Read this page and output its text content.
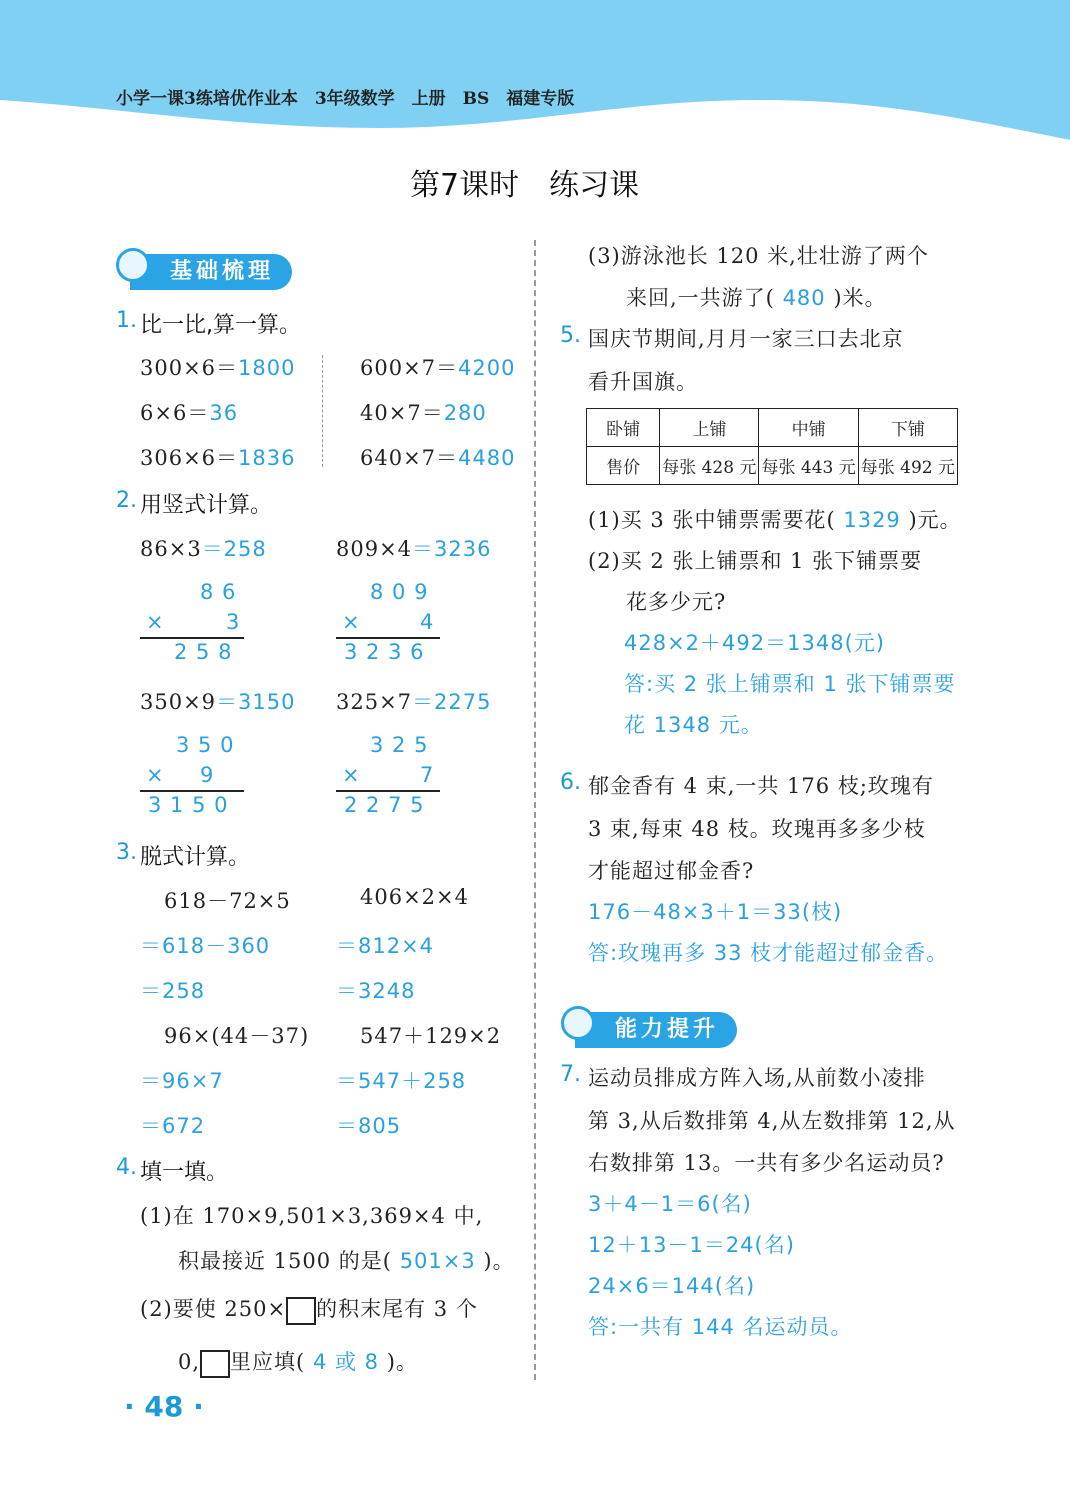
小学一课3练培优作业本　3年级数学　上册　BS　福建专版
第7课时　练习课
基础梳理
1. 比一比,算一算。
300×6＝1800	600×7＝4200
6×6＝36	40×7＝280
306×6＝1836	640×7＝4480
2. 用竖式计算。
86×3＝258
8 6
×	3
2 5 8
809×4＝3236
8 0 9
×	4
3 2 3 6
350×9＝3150
3 5 0
× 9
3 1 5 0
325×7＝2275
3 2 5
×	7
2 2 7 5
3. 脱式计算。
618－72×5
＝618－360
＝258
406×2×4
＝812×4
＝3248
96×(44－37)
＝96×7
＝672
547＋129×2
＝547＋258
＝805
4. 填一填。
(1)在 170×9,501×3,369×4 中,
积最接近 1500 的是( 501×3 )。
(2)要使 250× 的积末尾有 3 个
0, 里应填( 4 或 8 )。
(3)游泳池长 120 米,壮壮游了两个
来回,一共游了( 480 )米。
5. 国庆节期间,月月一家三口去北京
看升国旗。
卧铺	上铺	中铺	下铺
售价	每张 428 元	每张 443 元	每张 492 元
(1)买 3 张中铺票需要花( 1329 )元。
(2)买 2 张上铺票和 1 张下铺票要
花多少元?
428×2＋492＝1348(元)
答:买 2 张上铺票和 1 张下铺票要
花 1348 元。
6. 郁金香有 4 束,一共 176 枝;玫瑰有
3 束,每束 48 枝。玫瑰再多多少枝
才能超过郁金香?
176－48×3＋1＝33(枝)
答:玫瑰再多 33 枝才能超过郁金香。
能力提升
7. 运动员排成方阵入场,从前数小凌排
第 3,从后数排第 4,从左数排第 12,从
右数排第 13。一共有多少名运动员?
3＋4－1＝6(名)
12＋13－1＝24(名)
24×6＝144(名)
答:一共有 144 名运动员。
· 48 ·
